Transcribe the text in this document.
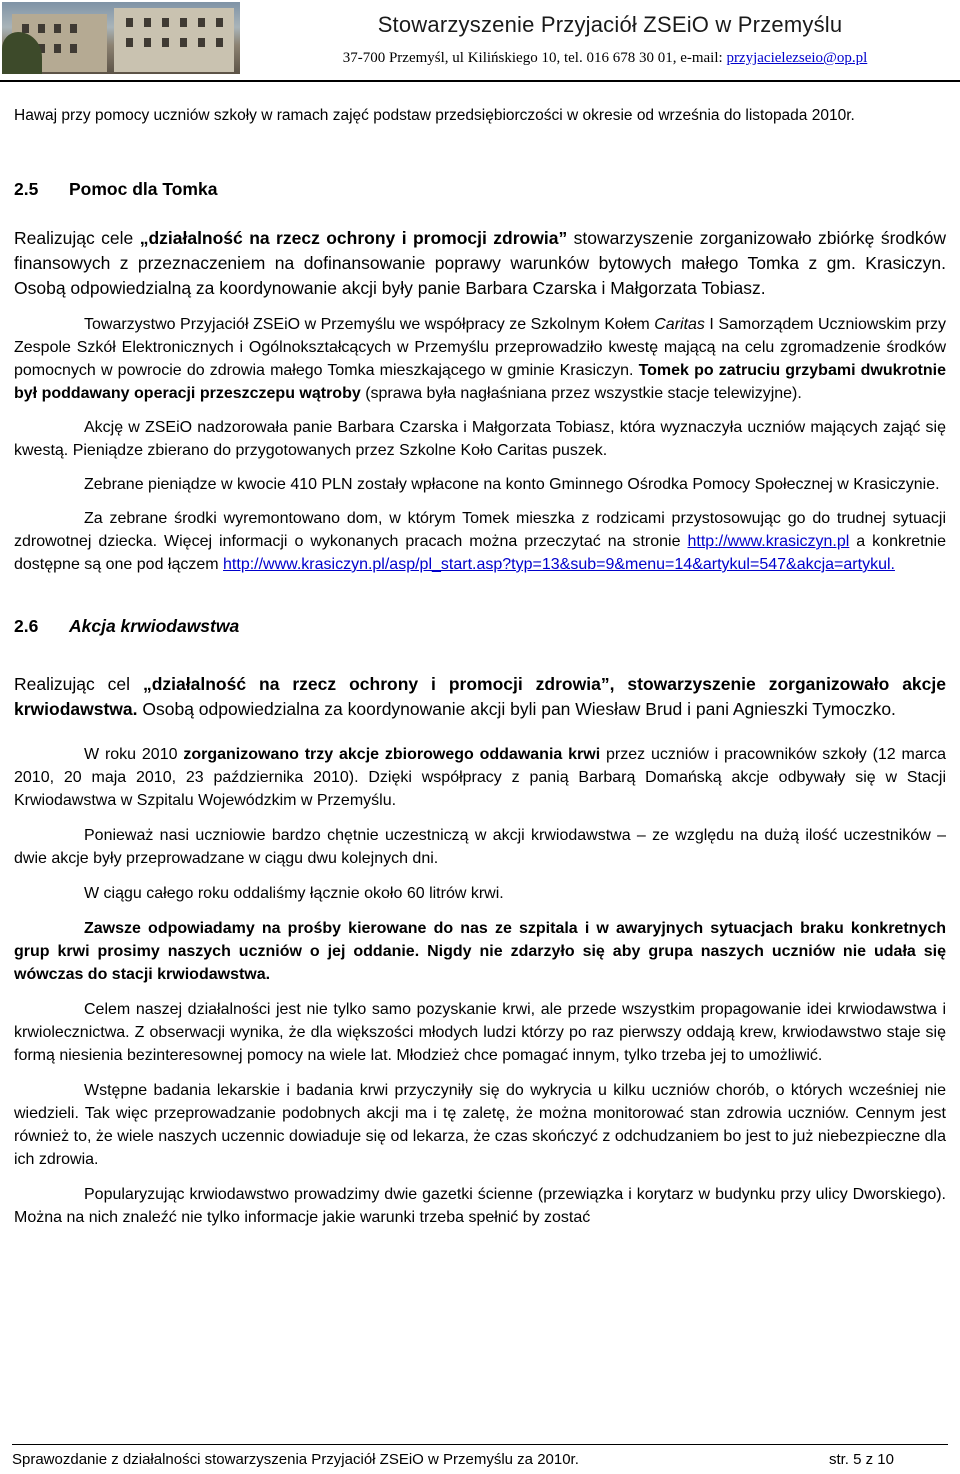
Stowarzyszenie Przyjaciół ZSEiO w Przemyślu
37-700 Przemyśl, ul Kilińskiego 10, tel. 016 678 30 01, e-mail: przyjacielezseio@op.pl

Hawaj przy pomocy uczniów szkoły w ramach zajęć podstaw przedsiębiorczości w okresie od września do listopada 2010r.

2.5 Pomoc dla Tomka

Realizując cele „działalność na rzecz ochrony i promocji zdrowia” stowarzyszenie zorganizowało zbiórkę środków finansowych z przeznaczeniem na dofinansowanie poprawy warunków bytowych małego Tomka z gm. Krasiczyn. Osobą odpowiedzialną za koordynowanie akcji były panie Barbara Czarska i Małgorzata Tobiasz.

Towarzystwo Przyjaciół ZSEiO w Przemyślu we współpracy ze Szkolnym Kołem Caritas I Samorządem Uczniowskim przy Zespole Szkół Elektronicznych i Ogólnokształcących w Przemyślu przeprowadziło kwestę mającą na celu zgromadzenie środków pomocnych w powrocie do zdrowia małego Tomka mieszkającego w gminie Krasiczyn. Tomek po zatruciu grzybami dwukrotnie był poddawany operacji przeszczepu wątroby (sprawa była nagłaśniana przez wszystkie stacje telewizyjne).

Akcję w ZSEiO nadzorowała panie Barbara Czarska i Małgorzata Tobiasz, która wyznaczyła uczniów mających zająć się kwestą. Pieniądze zbierano do przygotowanych przez Szkolne Koło Caritas puszek.

Zebrane pieniądze w kwocie 410 PLN zostały wpłacone na konto Gminnego Ośrodka Pomocy Społecznej w Krasiczynie.

Za zebrane środki wyremontowano dom, w którym Tomek mieszka z rodzicami przystosowując go do trudnej sytuacji zdrowotnej dziecka. Więcej informacji o wykonanych pracach można przeczytać na stronie http://www.krasiczyn.pl a konkretnie dostępne są one pod łączem http://www.krasiczyn.pl/asp/pl_start.asp?typ=13&sub=9&menu=14&artykul=547&akcja=artykul.

2.6 Akcja krwiodawstwa

Realizując cel „działalność na rzecz ochrony i promocji zdrowia”, stowarzyszenie zorganizowało akcje krwiodawstwa. Osobą odpowiedzialna za koordynowanie akcji byli pan Wiesław Brud i pani Agnieszki Tymoczko.

W roku 2010 zorganizowano trzy akcje zbiorowego oddawania krwi przez uczniów i pracowników szkoły (12 marca 2010, 20 maja 2010, 23 października 2010). Dzięki współpracy z panią Barbarą Domańską akcje odbywały się w Stacji Krwiodawstwa w Szpitalu Wojewódzkim w Przemyślu.

Ponieważ nasi uczniowie bardzo chętnie uczestniczą w akcji krwiodawstwa – ze względu na dużą ilość uczestników – dwie akcje były przeprowadzane w ciągu dwu kolejnych dni.

W ciągu całego roku oddaliśmy łącznie około 60 litrów krwi.

Zawsze odpowiadamy na prośby kierowane do nas ze szpitala i w awaryjnych sytuacjach braku konkretnych grup krwi prosimy naszych uczniów o jej oddanie. Nigdy nie zdarzyło się aby grupa naszych uczniów nie udała się wówczas do stacji krwiodawstwa.

Celem naszej działalności jest nie tylko samo pozyskanie krwi, ale przede wszystkim propagowanie idei krwiodawstwa i krwiolecznictwa. Z obserwacji wynika, że dla większości młodych ludzi którzy po raz pierwszy oddają krew, krwiodawstwo staje się formą niesienia bezinteresownej pomocy na wiele lat. Młodzież chce pomagać innym, tylko trzeba jej to umożliwić.

Wstępne badania lekarskie i badania krwi przyczyniły się do wykrycia u kilku uczniów chorób, o których wcześniej nie wiedzieli. Tak więc przeprowadzanie podobnych akcji ma i tę zaletę, że można monitorować stan zdrowia uczniów. Cennym jest również to, że wiele naszych uczennic dowiaduje się od lekarza, że czas skończyć z odchudzaniem bo jest to już niebezpieczne dla ich zdrowia.

Popularyzując krwiodawstwo prowadzimy dwie gazetki ścienne (przewiązka i korytarz w budynku przy ulicy Dworskiego). Można na nich znaleźć nie tylko informacje jakie warunki trzeba spełnić by zostać

Sprawozdanie z działalności stowarzyszenia Przyjaciół ZSEiO w Przemyślu za 2010r.	str. 5 z 10
